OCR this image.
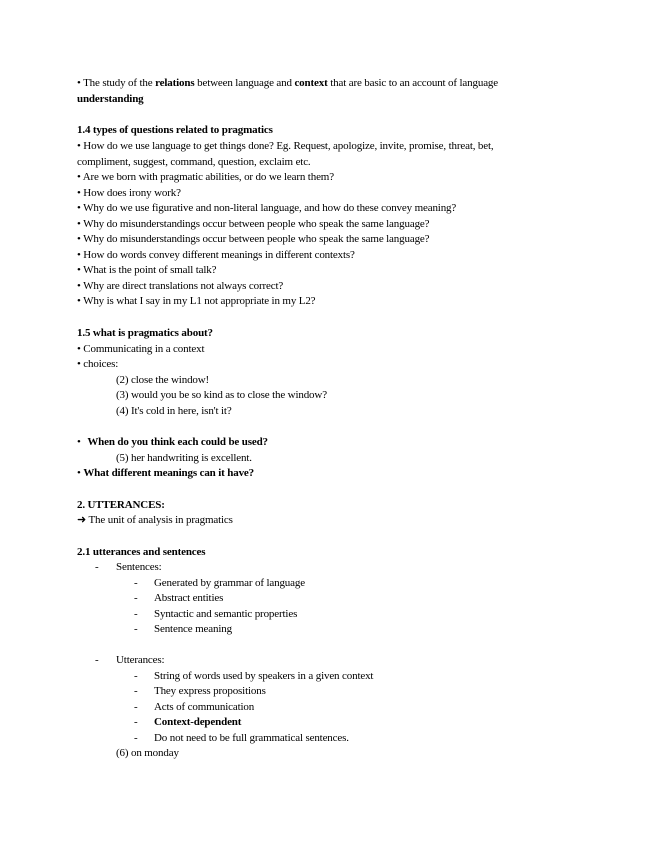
• The study of the relations between language and context that are basic to an account of language
understanding
1.4 types of questions related to pragmatics
• How do we use language to get things done? Eg. Request, apologize, invite, promise, threat, bet,
compliment, suggest, command, question, exclaim etc.
• Are we born with pragmatic abilities, or do we learn them?
• How does irony work?
• Why do we use figurative and non-literal language, and how do these convey meaning?
• Why do misunderstandings occur between people who speak the same language?
• Why do misunderstandings occur between people who speak the same language?
• How do words convey different meanings in different contexts?
• What is the point of small talk?
• Why are direct translations not always correct?
• Why is what I say in my L1 not appropriate in my L2?
1.5 what is pragmatics about?
• Communicating in a context
• choices:
(2) close the window!
(3) would you be so kind as to close the window?
(4) It's cold in here, isn't it?
• When do you think each could be used?
(5) her handwriting is excellent.
• What different meanings can it have?
2. UTTERANCES:
➜ The unit of analysis in pragmatics
2.1 utterances and sentences
- Sentences:
- Generated by grammar of language
- Abstract entities
- Syntactic and semantic properties
- Sentence meaning
- Utterances:
- String of words used by speakers in a given context
- They express propositions
- Acts of communication
- Context-dependent
- Do not need to be full grammatical sentences.
(6) on monday
